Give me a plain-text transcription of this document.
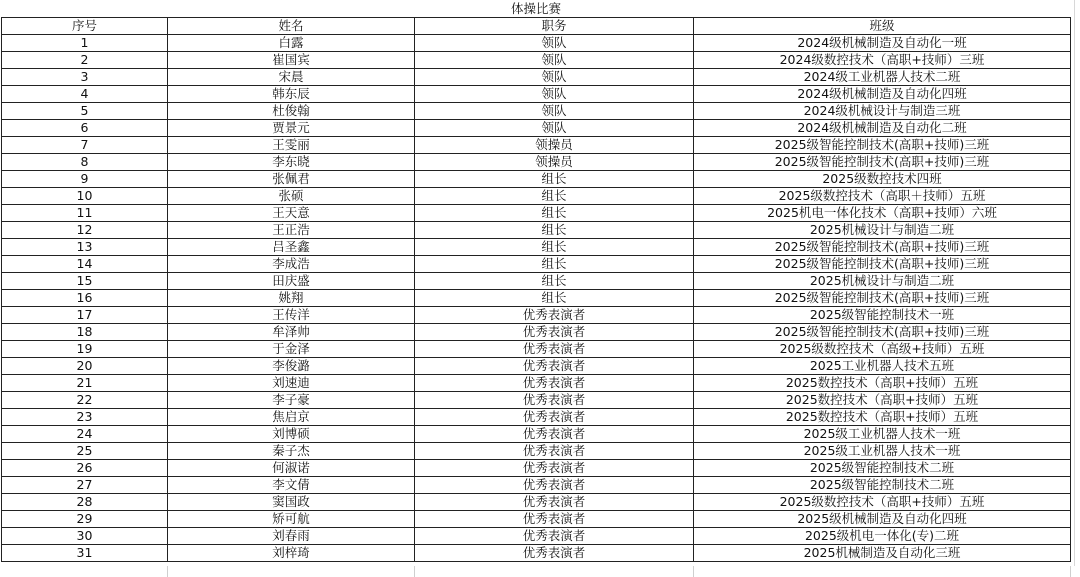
体操比赛			
序号	姓名	职务	班级
1	白露	领队	2024级机械制造及自动化一班
2	崔国宾	领队	2024级数控技术（高职+技师）三班
3	宋晨	领队	2024级工业机器人技术二班
4	韩东辰	领队	2024级机械制造及自动化四班
5	杜俊翰	领队	2024级机械设计与制造三班
6	贾景元	领队	2024级机械制造及自动化二班
7	王雯丽	领操员	2025级智能控制技术(高职+技师)三班
8	李东晓	领操员	2025级智能控制技术(高职+技师)三班
9	张佩君	组长	2025级数控技术四班
10	张硕	组长	2025级数控技术（高职＋技师）五班
11	王天意	组长	2025机电一体化技术（高职+技师）六班
12	王正浩	组长	2025机械设计与制造二班
13	吕圣鑫	组长	2025级智能控制技术(高职+技师)三班
14	李成浩	组长	2025级智能控制技术(高职+技师)三班
15	田庆盛	组长	2025机械设计与制造二班
16	姚翔	组长	2025级智能控制技术(高职+技师)三班
17	王传洋	优秀表演者	2025级智能控制技术一班
18	牟泽帅	优秀表演者	2025级智能控制技术(高职+技师)三班
19	于金泽	优秀表演者	2025级数控技术（高级+技师）五班
20	李俊潞	优秀表演者	2025工业机器人技术五班
21	刘速迪	优秀表演者	2025数控技术（高职+技师）五班
22	李子豪	优秀表演者	2025数控技术（高职+技师）五班
23	焦启京	优秀表演者	2025数控技术（高职+技师）五班
24	刘博硕	优秀表演者	2025级工业机器人技术一班
25	秦子杰	优秀表演者	2025级工业机器人技术一班
26	何淑诺	优秀表演者	2025级智能控制技术二班
27	李文倩	优秀表演者	2025级智能控制技术二班
28	窦国政	优秀表演者	2025级数控技术（高职+技师）五班
29	矫可航	优秀表演者	2025级机械制造及自动化四班
30	刘春雨	优秀表演者	2025级机电一体化(专)二班
31	刘梓琦	优秀表演者	2025机械制造及自动化三班
